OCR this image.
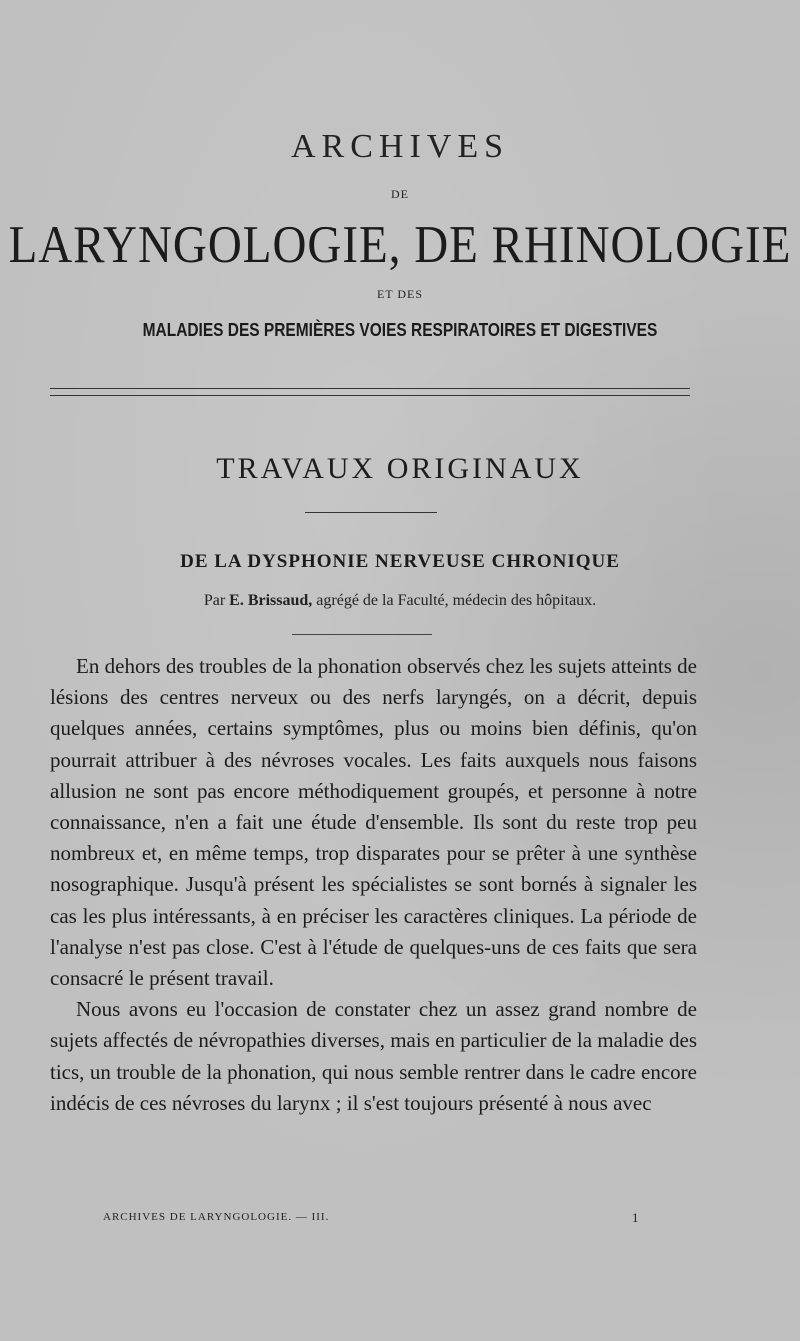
ARCHIVES
DE
LARYNGOLOGIE, DE RHINOLOGIE
ET DES
MALADIES DES PREMIÈRES VOIES RESPIRATOIRES ET DIGESTIVES
TRAVAUX ORIGINAUX
DE LA DYSPHONIE NERVEUSE CHRONIQUE
Par E. Brissaud, agrégé de la Faculté, médecin des hôpitaux.

En dehors des troubles de la phonation observés chez les sujets atteints de lésions des centres nerveux ou des nerfs laryngés, on a décrit, depuis quelques années, certains symptômes, plus ou moins bien définis, qu'on pourrait attribuer à des névroses vocales. Les faits auxquels nous faisons allusion ne sont pas encore méthodiquement groupés, et personne à notre connaissance, n'en a fait une étude d'ensemble. Ils sont du reste trop peu nombreux et, en même temps, trop disparates pour se prêter à une synthèse nosographique. Jusqu'à présent les spécialistes se sont bornés à signaler les cas les plus intéressants, à en préciser les caractères cliniques. La période de l'analyse n'est pas close. C'est à l'étude de quelques-uns de ces faits que sera consacré le présent travail.

Nous avons eu l'occasion de constater chez un assez grand nombre de sujets affectés de névropathies diverses, mais en particulier de la maladie des tics, un trouble de la phonation, qui nous semble rentrer dans le cadre encore indécis de ces névroses du larynx ; il s'est toujours présenté à nous avec

ARCHIVES DE LARYNGOLOGIE. — III.	1
